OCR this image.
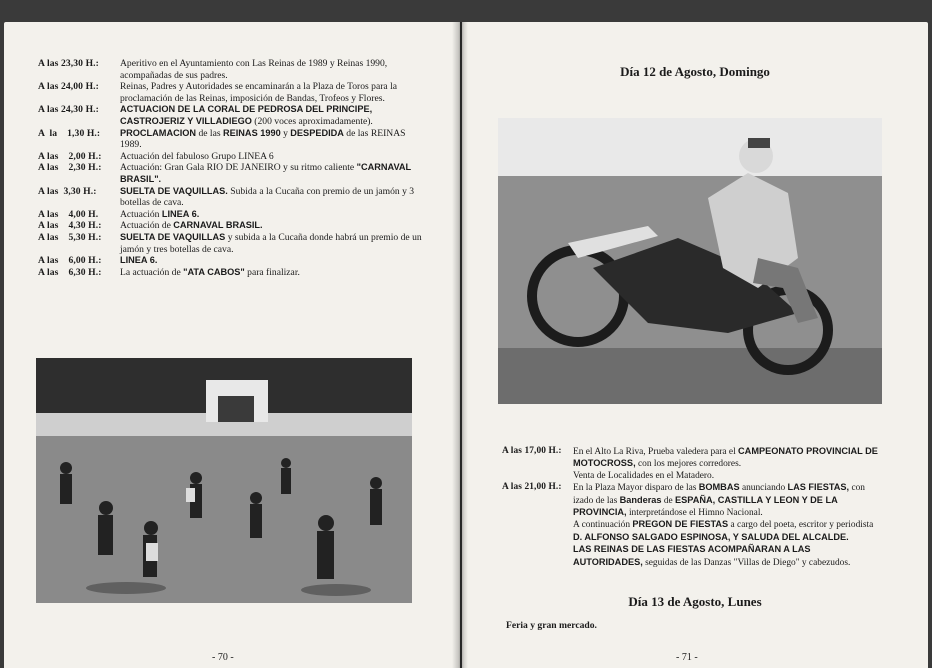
A las 23,30 H.:	Aperitivo en el Ayuntamiento con Las Reinas de 1989 y Reinas 1990, acompañadas de sus padres.
A las 24,00 H.:	Reinas, Padres y Autoridades se encaminarán a la Plaza de Toros para la proclamación de las Reinas, imposición de Bandas, Trofeos y Flores.
A las 24,30 H.:	ACTUACION DE LA CORAL DE PEDROSA DEL PRINCIPE, CASTROJERIZ Y VILLADIEGO (200 voces aproximadamente).
A  la    1,30 H.:	PROCLAMACION de las REINAS 1990 y DESPEDIDA de las REINAS 1989.
A las    2,00 H.:	Actuación del fabuloso Grupo LINEA 6
A las    2,30 H.:	Actuación: Gran Gala RIO DE JANEIRO y su ritmo caliente "CARNAVAL BRASIL".
A las  3,30 H.:	SUELTA DE VAQUILLAS. Subida a la Cucaña con premio de un jamón y 3 botellas de cava.
A las    4,00 H.	Actuación LINEA 6.
A las    4,30 H.:	Actuación de CARNAVAL BRASIL.
A las    5,30 H.:	SUELTA DE VAQUILLAS y subida a la Cucaña donde habrá un premio de un jamón y tres botellas de cava.
A las    6,00 H.:	LINEA 6.
A las    6,30 H.:	La actuación de "ATA CABOS" para finalizar.
- 70 -
Día 12 de Agosto, Domingo
A las 17,00 H.:	En el Alto La Riva, Prueba valedera para el CAMPEONATO PROVINCIAL DE MOTOCROSS, con los mejores corredores.
Venta de Localidades en el Matadero.
A las 21,00 H.:	En la Plaza Mayor disparo de las BOMBAS anunciando LAS FIESTAS, con izado de las Banderas de ESPAÑA, CASTILLA Y LEON Y DE LA PROVINCIA, interpretándose el Himno Nacional.
A continuación PREGON DE FIESTAS a cargo del poeta, escritor y periodista D. ALFONSO SALGADO ESPINOSA, Y SALUDA DEL ALCALDE.
LAS REINAS DE LAS FIESTAS ACOMPAÑARAN A LAS AUTORIDADES, seguidas de las Danzas "Villas de Diego" y cabezudos.
Día 13 de Agosto, Lunes
Feria y gran mercado.
- 71 -
